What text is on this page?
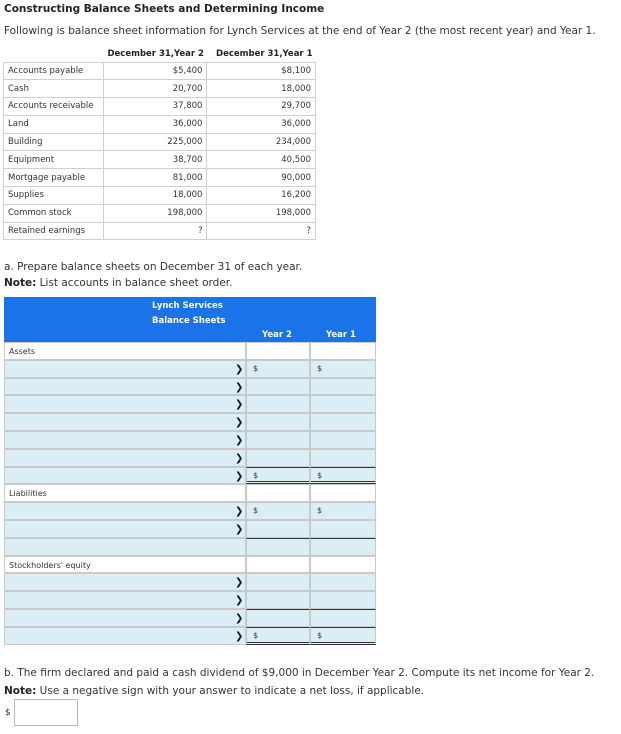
Constructing Balance Sheets and Determining Income
Following is balance sheet information for Lynch Services at the end of Year 2 (the most recent year) and Year 1.
	December 31,Year 2	December 31,Year 1
Accounts payable	$5,400	$8,100
Cash	20,700	18,000
Accounts receivable	37,800	29,700
Land	36,000	36,000
Building	225,000	234,000
Equipment	38,700	40,500
Mortgage payable	81,000	90,000
Supplies	18,000	16,200
Common stock	198,000	198,000
Retained earnings	?	?
a. Prepare balance sheets on December 31 of each year.
Note: List accounts in balance sheet order.
Lynch Services
Balance Sheets
Year 2	Year 1
Assets
❯ $	$
❯
❯
❯
❯
❯
❯ $	$
Liabilities
❯ $	$
❯
Stockholders' equity
❯
❯
❯
❯ $	$
b. The firm declared and paid a cash dividend of $9,000 in December Year 2. Compute its net income for Year 2.
Note: Use a negative sign with your answer to indicate a net loss, if applicable.
$
